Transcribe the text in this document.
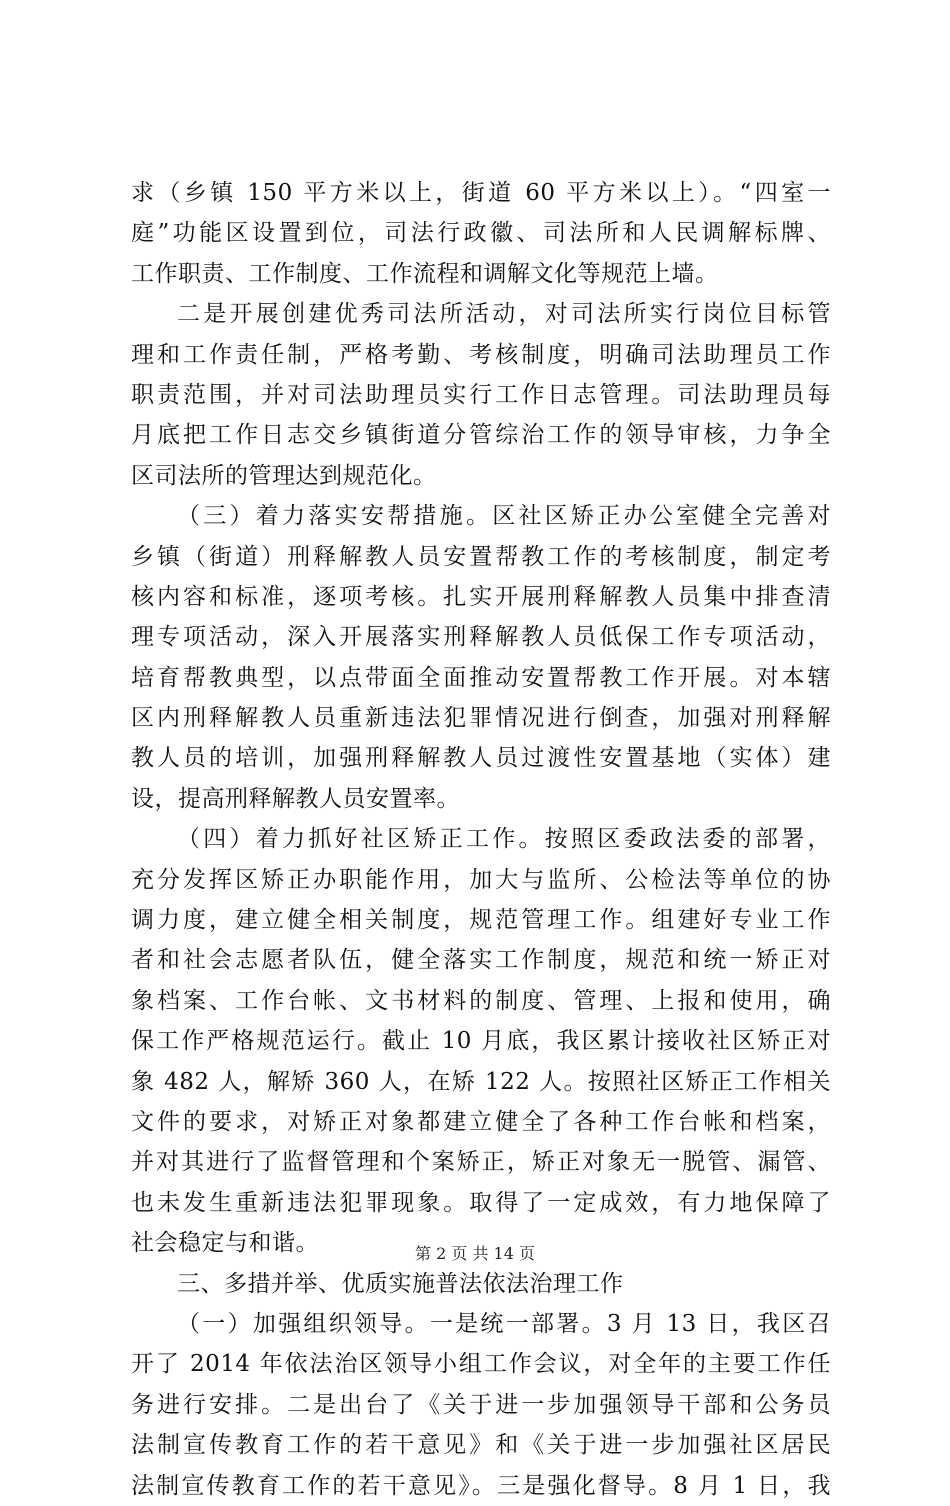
求（乡镇 150 平方米以上，街道 60 平方米以上）。“四室一
庭”功能区设置到位，司法行政徽、司法所和人民调解标牌、
工作职责、工作制度、工作流程和调解文化等规范上墙。
二是开展创建优秀司法所活动，对司法所实行岗位目标管
理和工作责任制，严格考勤、考核制度，明确司法助理员工作
职责范围，并对司法助理员实行工作日志管理。司法助理员每
月底把工作日志交乡镇街道分管综治工作的领导审核，力争全
区司法所的管理达到规范化。
（三）着力落实安帮措施。区社区矫正办公室健全完善对
乡镇（街道）刑释解教人员安置帮教工作的考核制度，制定考
核内容和标准，逐项考核。扎实开展刑释解教人员集中排查清
理专项活动，深入开展落实刑释解教人员低保工作专项活动，
培育帮教典型，以点带面全面推动安置帮教工作开展。对本辖
区内刑释解教人员重新违法犯罪情况进行倒查，加强对刑释解
教人员的培训，加强刑释解教人员过渡性安置基地（实体）建
设，提高刑释解教人员安置率。
（四）着力抓好社区矫正工作。按照区委政法委的部署，
充分发挥区矫正办职能作用，加大与监所、公检法等单位的协
调力度，建立健全相关制度，规范管理工作。组建好专业工作
者和社会志愿者队伍，健全落实工作制度，规范和统一矫正对
象档案、工作台帐、文书材料的制度、管理、上报和使用，确
保工作严格规范运行。截止 10 月底，我区累计接收社区矫正对
象 482 人，解矫 360 人，在矫 122 人。按照社区矫正工作相关
文件的要求，对矫正对象都建立健全了各种工作台帐和档案，
并对其进行了监督管理和个案矫正，矫正对象无一脱管、漏管、
也未发生重新违法犯罪现象。取得了一定成效，有力地保障了
社会稳定与和谐。
三、多措并举、优质实施普法依法治理工作
（一）加强组织领导。一是统一部署。3 月 13 日，我区召
开了 2014 年依法治区领导小组工作会议，对全年的主要工作任
务进行安排。二是出台了《关于进一步加强领导干部和公务员
法制宣传教育工作的若干意见》和《关于进一步加强社区居民
法制宣传教育工作的若干意见》。三是强化督导。8 月 1 日，我
第 2 页 共 14 页
